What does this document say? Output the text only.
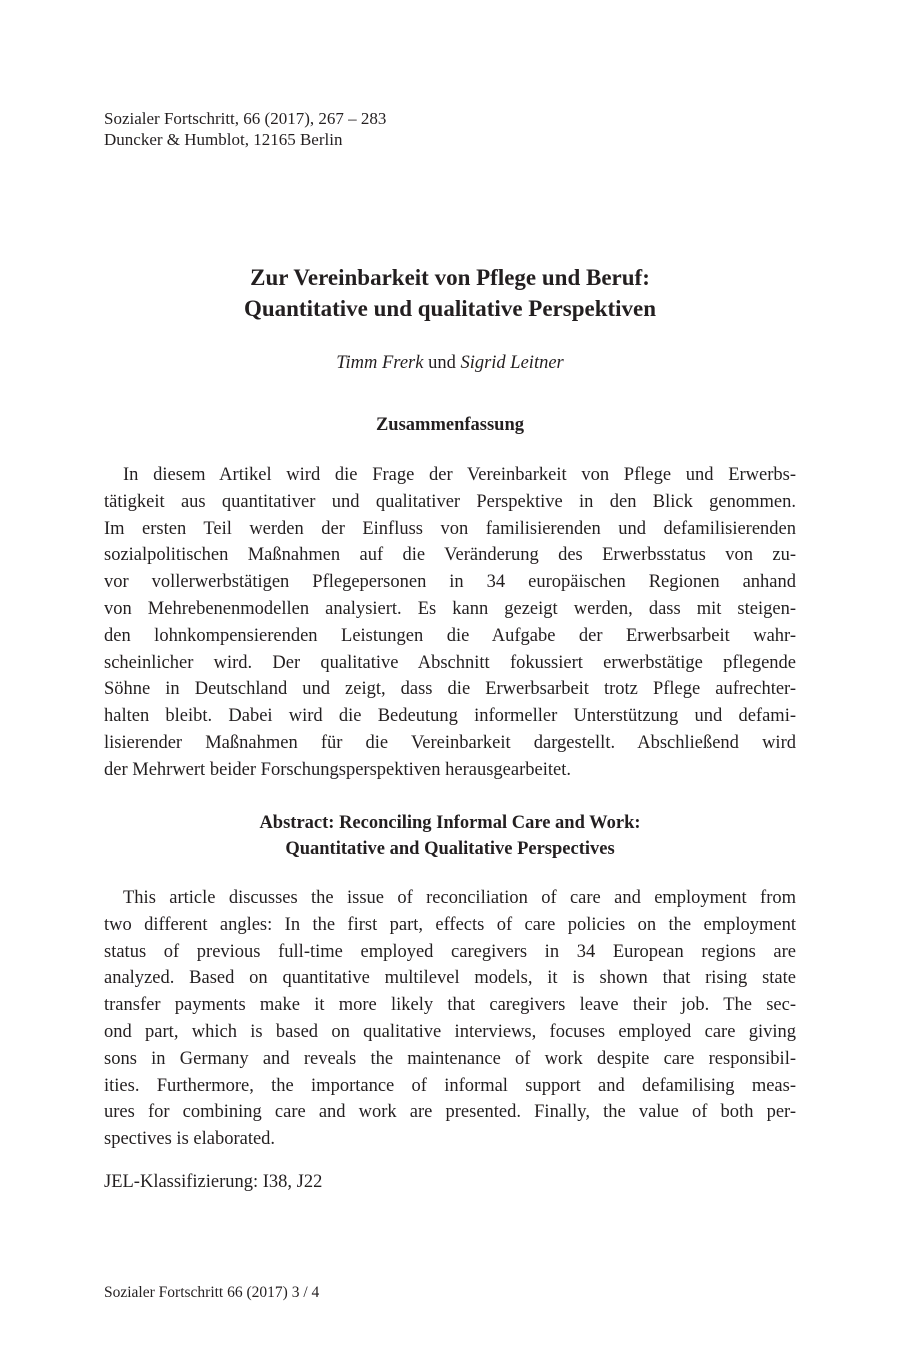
Sozialer Fortschritt, 66 (2017), 267 – 283
Duncker & Humblot, 12165 Berlin
Zur Vereinbarkeit von Pflege und Beruf:
Quantitative und qualitative Perspektiven
Timm Frerk und Sigrid Leitner
Zusammenfassung
In diesem Artikel wird die Frage der Vereinbarkeit von Pflege und Erwerbs-
tätigkeit aus quantitativer und qualitativer Perspektive in den Blick genommen.
Im ersten Teil werden der Einfluss von familisierenden und defamilisierenden
sozialpolitischen Maßnahmen auf die Veränderung des Erwerbsstatus von zu-
vor vollerwerbstätigen Pflegepersonen in 34 europäischen Regionen anhand
von Mehrebenenmodellen analysiert. Es kann gezeigt werden, dass mit steigen-
den lohnkompensierenden Leistungen die Aufgabe der Erwerbsarbeit wahr-
scheinlicher wird. Der qualitative Abschnitt fokussiert erwerbstätige pflegende
Söhne in Deutschland und zeigt, dass die Erwerbsarbeit trotz Pflege aufrechter-
halten bleibt. Dabei wird die Bedeutung informeller Unterstützung und defami-
lisierender Maßnahmen für die Vereinbarkeit dargestellt. Abschließend wird
der Mehrwert beider Forschungsperspektiven herausgearbeitet.
Abstract: Reconciling Informal Care and Work:
Quantitative and Qualitative Perspectives
This article discusses the issue of reconciliation of care and employment from
two different angles: In the first part, effects of care policies on the employment
status of previous full-time employed caregivers in 34 European regions are
analyzed. Based on quantitative multilevel models, it is shown that rising state
transfer payments make it more likely that caregivers leave their job. The sec-
ond part, which is based on qualitative interviews, focuses employed care giving
sons in Germany and reveals the maintenance of work despite care responsibil-
ities. Furthermore, the importance of informal support and defamilising meas-
ures for combining care and work are presented. Finally, the value of both per-
spectives is elaborated.
JEL-Klassifizierung: I38, J22
Sozialer Fortschritt 66 (2017) 3 / 4
